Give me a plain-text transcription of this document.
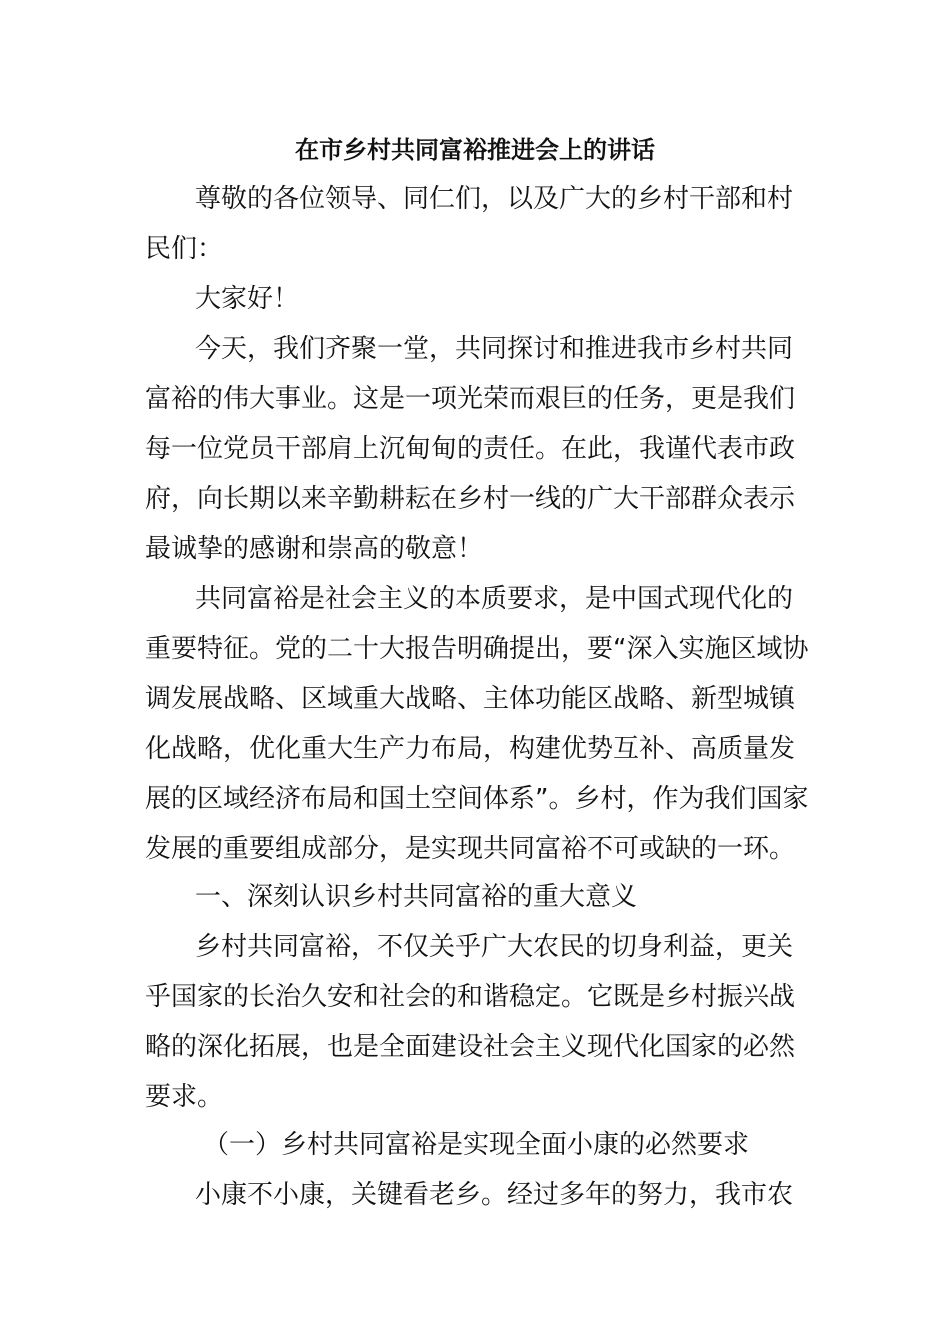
在市乡村共同富裕推进会上的讲话
尊敬的各位领导、同仁们，以及广大的乡村干部和村
民们：
大家好！
今天，我们齐聚一堂，共同探讨和推进我市乡村共同
富裕的伟大事业。这是一项光荣而艰巨的任务，更是我们
每一位党员干部肩上沉甸甸的责任。在此，我谨代表市政
府，向长期以来辛勤耕耘在乡村一线的广大干部群众表示
最诚挚的感谢和崇高的敬意！
共同富裕是社会主义的本质要求，是中国式现代化的
重要特征。党的二十大报告明确提出，要“深入实施区域协
调发展战略、区域重大战略、主体功能区战略、新型城镇
化战略，优化重大生产力布局，构建优势互补、高质量发
展的区域经济布局和国土空间体系”。乡村，作为我们国家
发展的重要组成部分，是实现共同富裕不可或缺的一环。
一、深刻认识乡村共同富裕的重大意义
乡村共同富裕，不仅关乎广大农民的切身利益，更关
乎国家的长治久安和社会的和谐稳定。它既是乡村振兴战
略的深化拓展，也是全面建设社会主义现代化国家的必然
要求。
（一）乡村共同富裕是实现全面小康的必然要求
小康不小康，关键看老乡。经过多年的努力，我市农
